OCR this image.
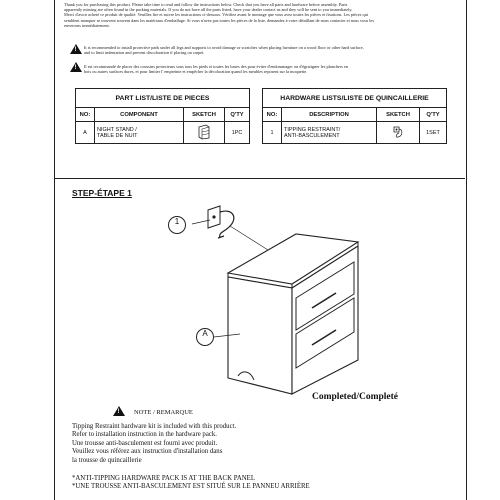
Thank you for purchasing this product. Please take time to read and follow the instructions below. Check that you have all parts and hardware before assembly. Parts
apparently missing are often found in the packing materials. If you do not have all the parts listed, have your dealer contact us and they will be sent to you immediately.
Merci d'avoir acheté ce produit de qualité. Veuillez lire et suivre les instructions ci-dessous. Vérifiez avant le montage que vous avez toutes les pièces et fixations. Les pièces qui
semblent manquer se trouvent souvent dans les matériaux d'emballage. Si vous n'avez pas toutes les pièces de la liste, demandez à votre détaillant de nous contacter et nous vous les
enverrons immédiatement.
! It is recommended to install protective pads under all legs and supports to avoid damage or scratches when placing furniture on a wood floor or other hard surface,
and to limit indentation and prevent discoloration if placing on carpet.
! Il est recommandé de placer des coussins protecteurs sous tous les pieds et toutes les bases des pour éviter d'endommager ou d'égratigner les planchers en
bois ou autres surfaces dures, et pour limiter l' empreinte et empêcher la décoloration quand les meubles reposent sur la moquette.
PART LIST/LISTE DE PIECES			
NO:	COMPONENT	SKETCH	Q'TY
A	NIGHT STAND /
TABLE DE NUIT		1PC
HARDWARE LISTS/LISTE DE QUINCAILLERIE			
NO:	DESCRIPTION	SKETCH	Q'TY
1	TIPPING RESTRAINT/
ANTI-BASCULEMENT		1SET
STEP-ÉTAPE 1
1
A
Completed/Completé
! NOTE / REMARQUE
Tipping Restraint hardware kit is included with this product.
Refer to installation instruction in the hardware pack.
Une trousse anti-basculement est fourni avec produit.
Veuillez vous référez aux instruction d'installation dans
la trousse de quincaillerie
*ANTI-TIPPING HARDWARE PACK IS AT THE BACK PANEL
*UNE TROUSSE ANTI-BASCULEMENT EST SITUÉ SUR LE PANNEU ARRIÈRE
